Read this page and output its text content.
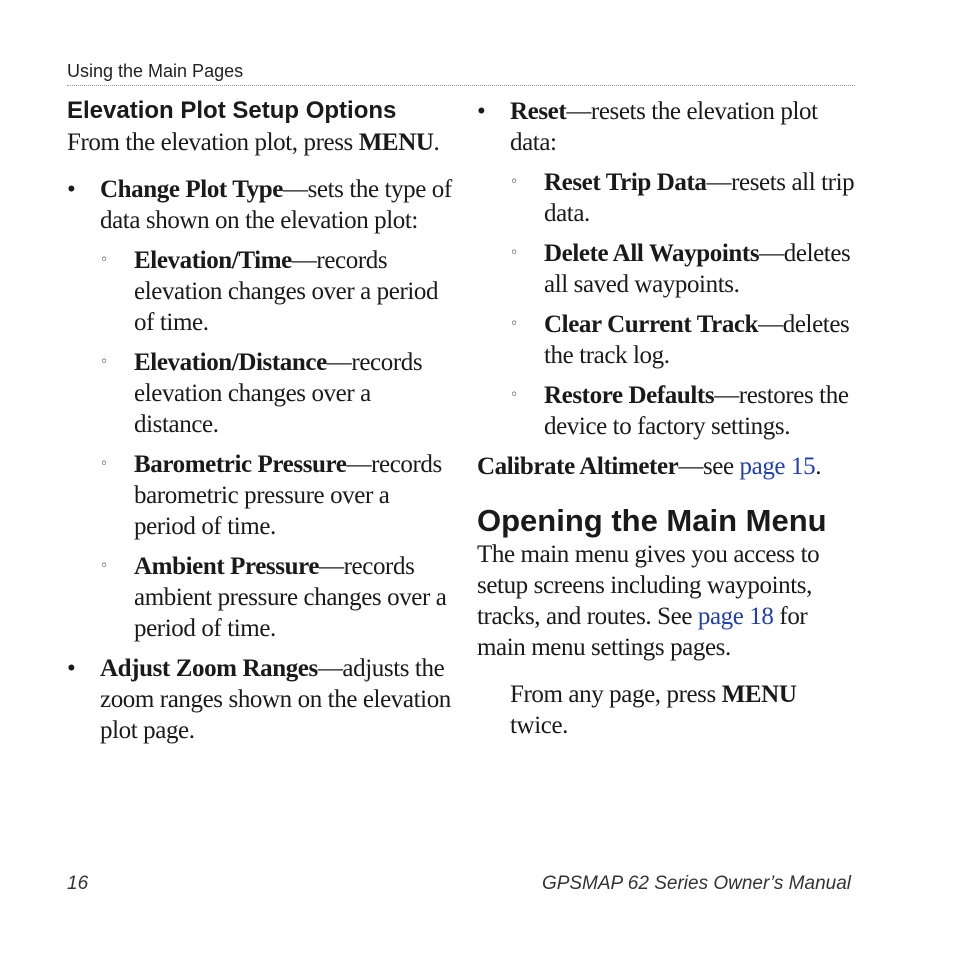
Using the Main Pages
Elevation Plot Setup Options

From the elevation plot, press MENU.

• Change Plot Type—sets the type of data shown on the elevation plot:

◦ Elevation/Time—records elevation changes over a period of time.

◦ Elevation/Distance—records elevation changes over a distance.

◦ Barometric Pressure—records barometric pressure over a period of time.

◦ Ambient Pressure—records ambient pressure changes over a period of time.

• Adjust Zoom Ranges—adjusts the zoom ranges shown on the elevation plot page.

• Reset—resets the elevation plot data:

◦ Reset Trip Data—resets all trip data.

◦ Delete All Waypoints—deletes all saved waypoints.

◦ Clear Current Track—deletes the track log.

◦ Restore Defaults—restores the device to factory settings.

Calibrate Altimeter—see page 15.

Opening the Main Menu

The main menu gives you access to setup screens including waypoints, tracks, and routes. See page 18 for main menu settings pages.

From any page, press MENU twice.

16	GPSMAP 62 Series Owner’s Manual
